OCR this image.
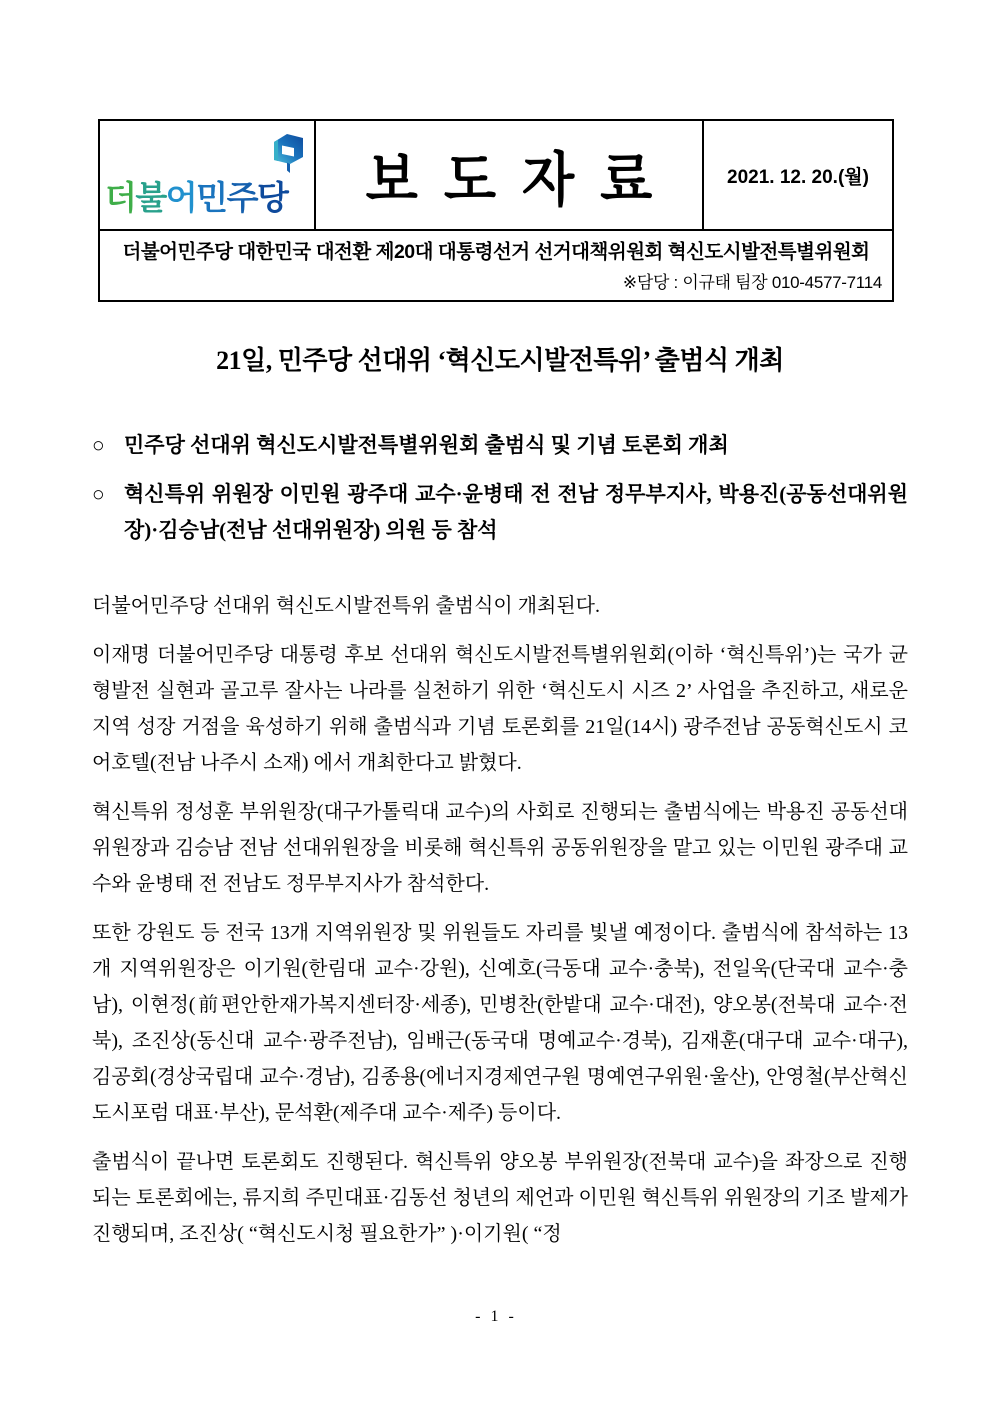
더불어민주당 보도자료	2021. 12. 20.(월)
더불어민주당 대한민국 대전환 제20대 대통령선거 선거대책위원회 혁신도시발전특별위원회
※담당 : 이규태 팀장 010-4577-7114
21일, 민주당 선대위 ‘혁신도시발전특위’ 출범식 개최
○ 민주당 선대위 혁신도시발전특별위원회 출범식 및 기념 토론회 개최
○ 혁신특위 위원장 이민원 광주대 교수·윤병태 전 전남 정무부지사, 박용진(공동선대위원장)·김승남(전남 선대위원장) 의원 등 참석

더불어민주당 선대위 혁신도시발전특위 출범식이 개최된다.

이재명 더불어민주당 대통령 후보 선대위 혁신도시발전특별위원회(이하 ‘혁신특위’)는 국가 균형발전 실현과 골고루 잘사는 나라를 실천하기 위한 ‘혁신도시 시즈 2’ 사업을 추진하고, 새로운 지역 성장 거점을 육성하기 위해 출범식과 기념 토론회를 21일(14시) 광주전남 공동혁신도시 코어호텔(전남 나주시 소재) 에서 개최한다고 밝혔다.

혁신특위 정성훈 부위원장(대구가톨릭대 교수)의 사회로 진행되는 출범식에는 박용진 공동선대위원장과 김승남 전남 선대위원장을 비롯해 혁신특위 공동위원장을 맡고 있는 이민원 광주대 교수와 윤병태 전 전남도 정무부지사가 참석한다.

또한 강원도 등 전국 13개 지역위원장 및 위원들도 자리를 빛낼 예정이다. 출범식에 참석하는 13개 지역위원장은 이기원(한림대 교수·강원), 신예호(극동대 교수·충북), 전일욱(단국대 교수·충남), 이현정(前편안한재가복지센터장·세종), 민병찬(한밭대 교수·대전), 양오봉(전북대 교수·전북), 조진상(동신대 교수·광주전남), 임배근(동국대 명예교수·경북), 김재훈(대구대 교수·대구), 김공회(경상국립대 교수·경남), 김종용(에너지경제연구원 명예연구위원·울산), 안영철(부산혁신도시포럼 대표·부산), 문석환(제주대 교수·제주) 등이다.

출범식이 끝나면 토론회도 진행된다. 혁신특위 양오봉 부위원장(전북대 교수)을 좌장으로 진행되는 토론회에는, 류지희 주민대표·김동선 청년의 제언과 이민원 혁신특위 위원장의 기조 발제가 진행되며, 조진상( “혁신도시청 필요한가” )·이기원( “정

- 1 -
